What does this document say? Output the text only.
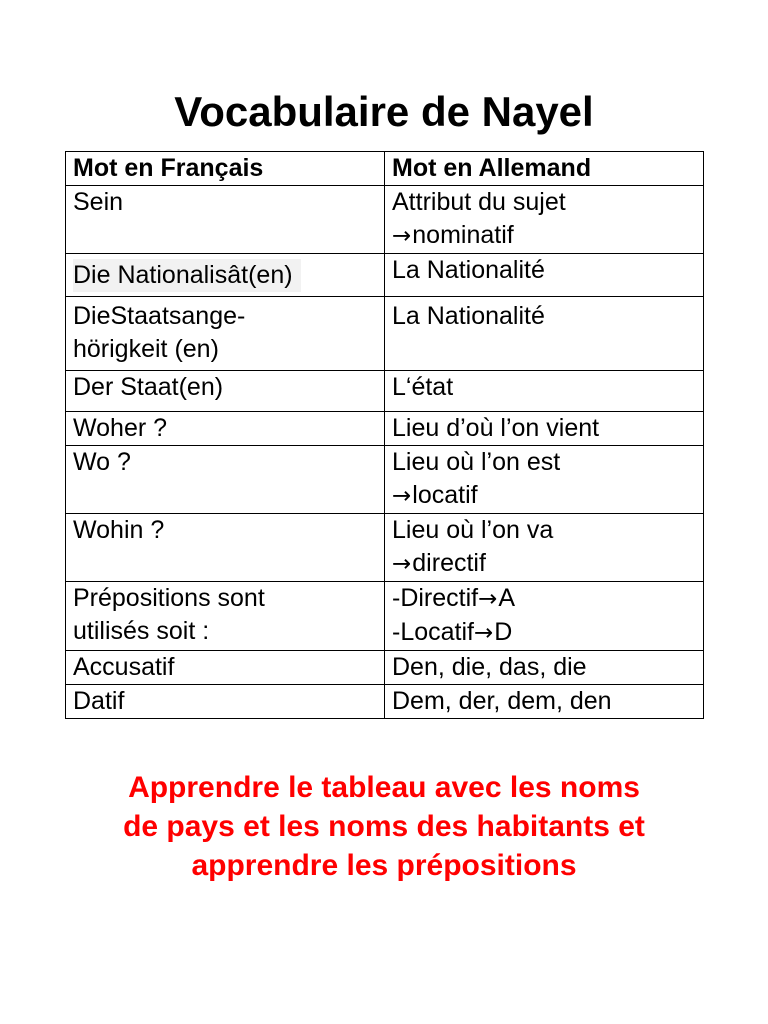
Vocabulaire de Nayel
Mot en Français	Mot en Allemand

Sein	Attribut du sujet
→nominatif

Die Nationalisât(en)	La Nationalité

DieStaatsange-
hörigkeit (en)	La Nationalité

Der Staat(en)	L‘état

Woher ?	Lieu d’où l’on vient

Wo ?	Lieu où l’on est
→locatif

Wohin ?	Lieu où l’on va
→directif

Prépositions sont
utilisés soit :	-Directif→A
-Locatif→D

Accusatif	Den, die, das, die

Datif	Dem, der, dem, den
Apprendre le tableau avec les noms
de pays et les noms des habitants et
apprendre les prépositions
